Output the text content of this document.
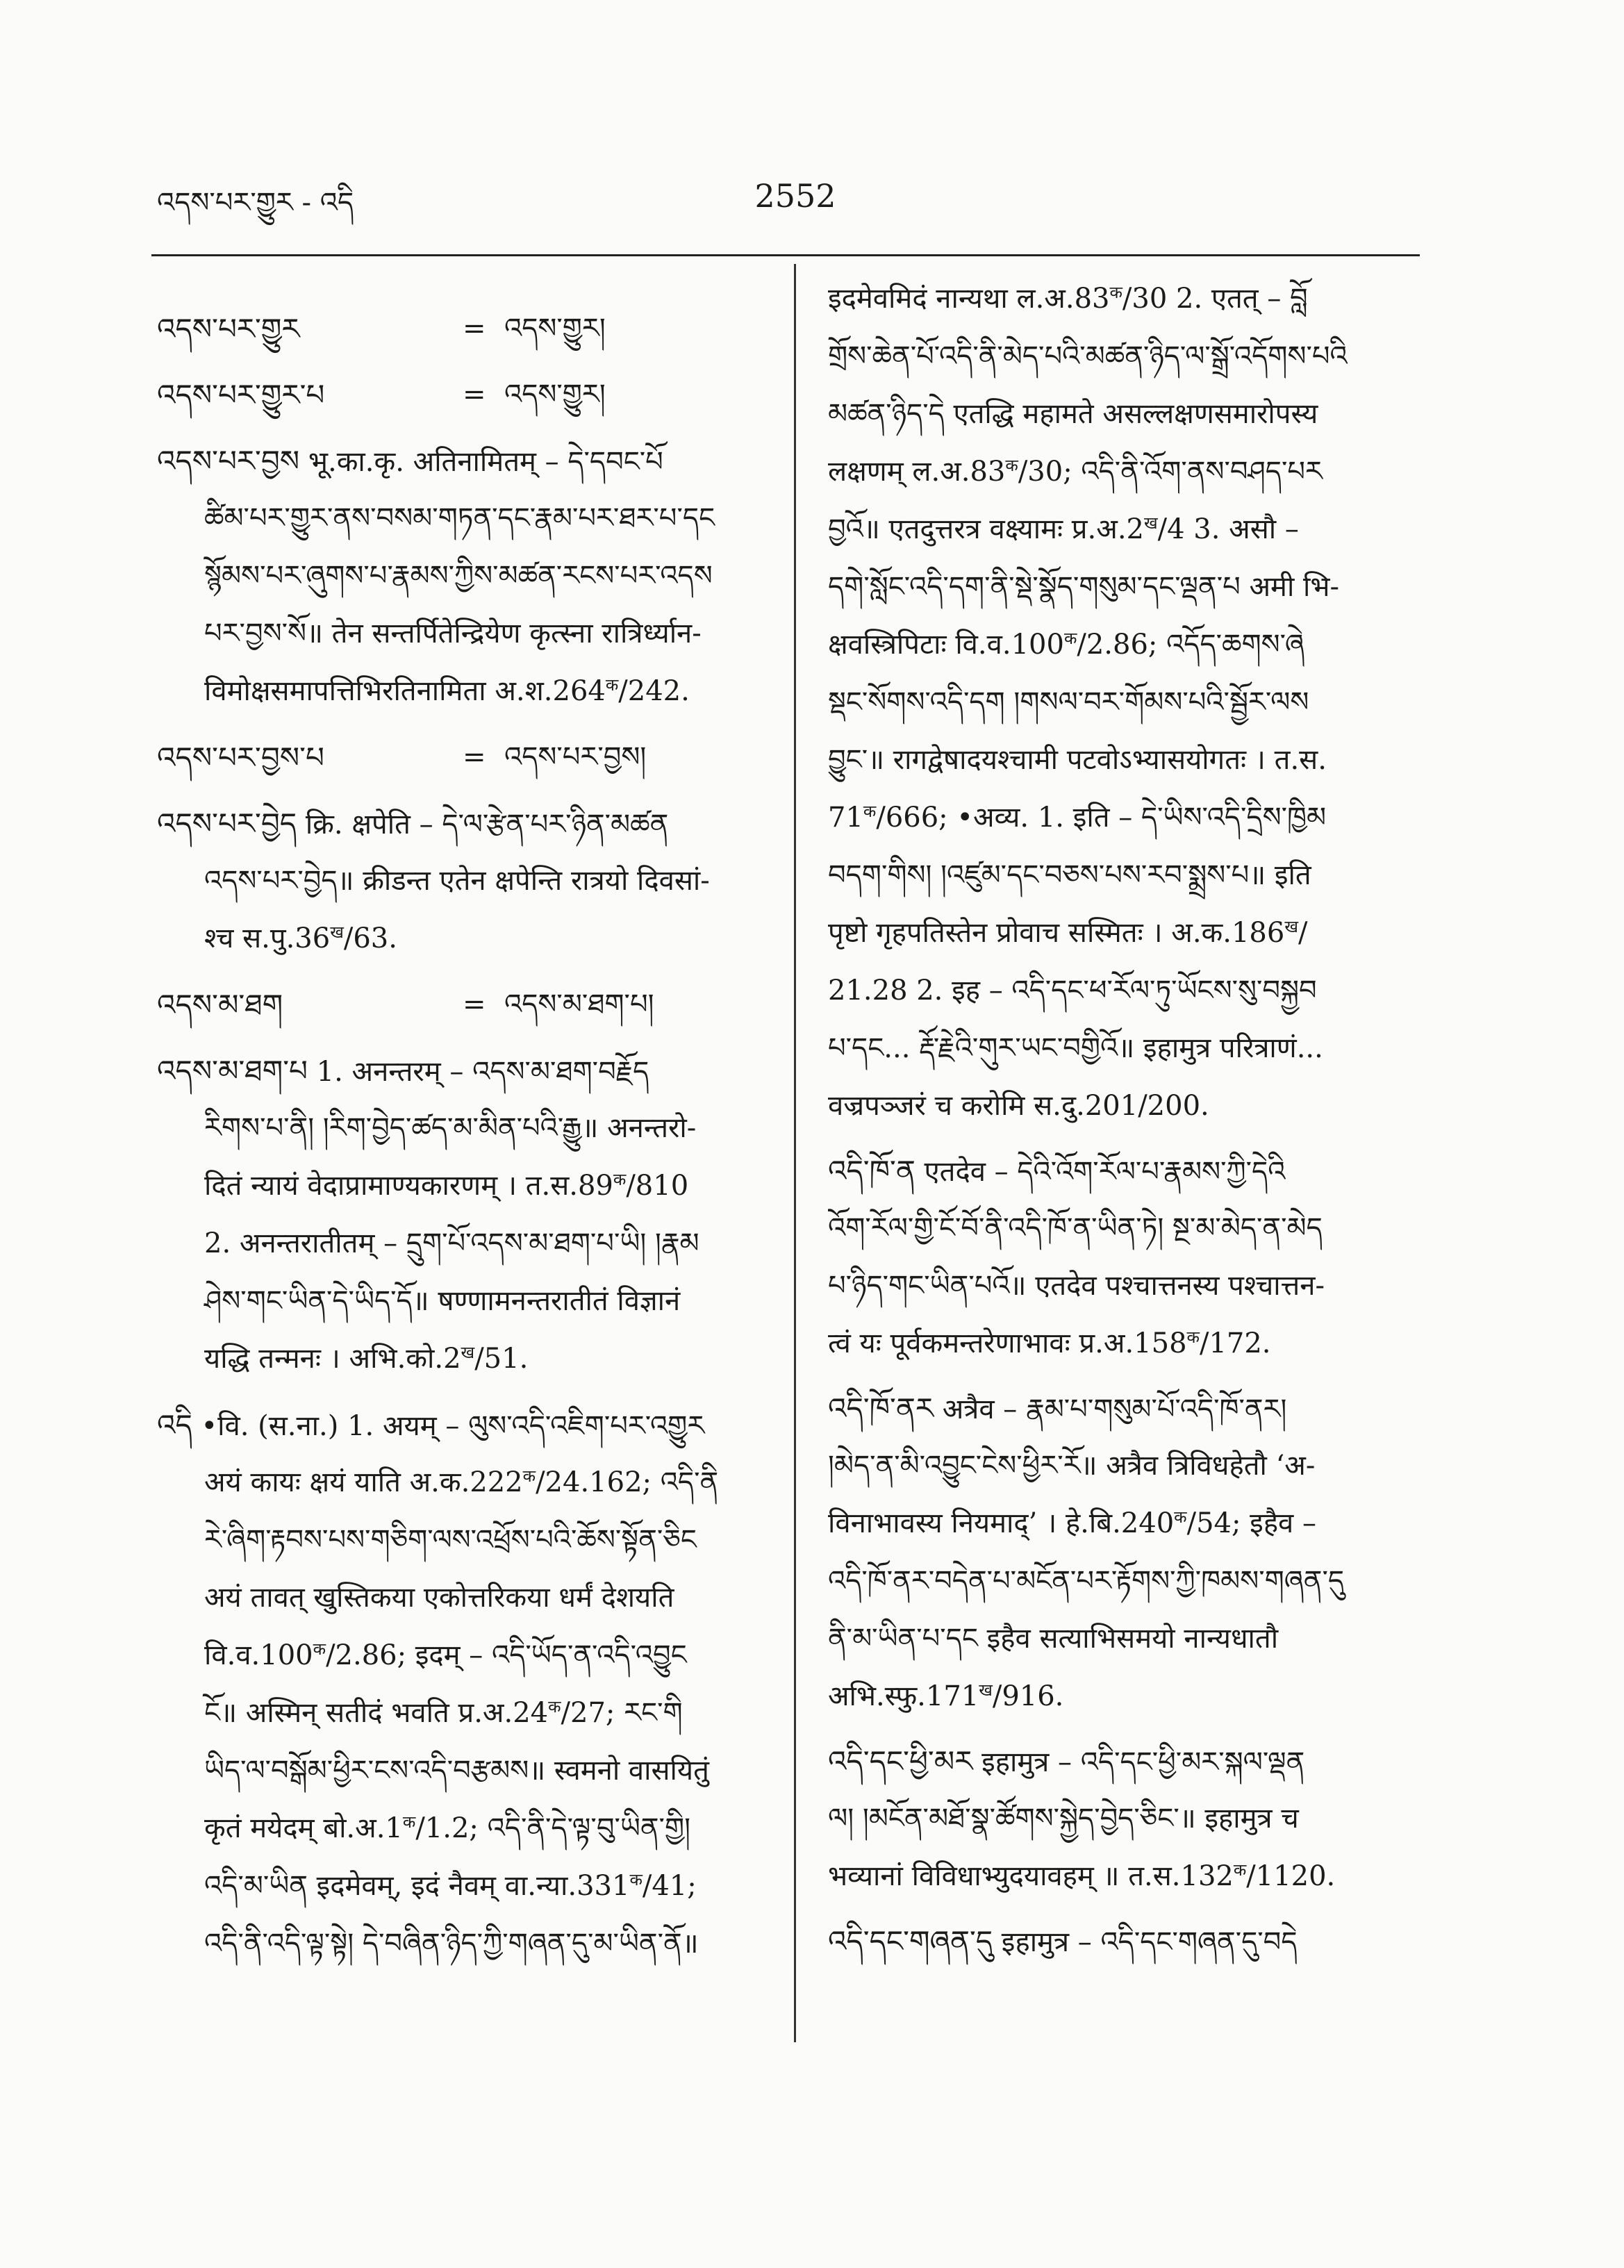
འདས་པར་གྱུར - འདི	2552
འདས་པར་གྱུར	= འདས་གྱུར།
འདས་པར་གྱུར་པ	= འདས་གྱུར།
འདས་པར་བྱས भू.का.कृ. अतिनामितम् – དེ་དབང་པོ
ཚིམ་པར་གྱུར་ནས་བསམ་གཏན་དང་རྣམ་པར་ཐར་པ་དང
སྙོམས་པར་ཞུགས་པ་རྣམས་ཀྱིས་མཚན་རངས་པར་འདས
པར་བྱས་སོ॥ तेन सन्तर्पितेन्द्रियेण कृत्स्ना रात्रिर्ध्यान-
विमोक्षसमापत्तिभिरतिनामिता $अ.श.264^क/242$.
འདས་པར་བྱས་པ	= འདས་པར་བྱས།
འདས་པར་བྱེད क्रि. क्षपेति – དེ་ལ་རྩེན་པར་ཉིན་མཚན
འདས་པར་བྱེད॥ क्रीडन्त एतेन क्षपेन्ति रात्रयो दिवसां-
श्च $स.पु.36^ख/63$.
འདས་མ་ཐག	= འདས་མ་ཐག་པ།
འདས་མ་ཐག་པ 1. अनन्तरम् – འདས་མ་ཐག་བརྗོད
རིགས་པ་ནི། །རིག་བྱེད་ཚད་མ་མིན་པའི་རྒྱུ॥ अनन्तरो-
दितं न्यायं वेदाप्रामाण्यकारणम् । $त.स.89^क/810$
2. अनन्तरातीतम् – དྲུག་པོ་འདས་མ་ཐག་པ་ཡི། །རྣམ
ཤེས་གང་ཡིན་དེ་ཡིད་དོ॥ षण्णामनन्तरातीतं विज्ञानं
यद्धि तन्मनः । $अभि.को.2^ख/51$.
འདི •वि. (स.ना.) 1. अयम् – ལུས་འདི་འཇིག་པར་འགྱུར
अयं कायः क्षयं याति $अ.क.222^क/24.162$; འདི་ནི
རེ་ཞིག་རྟབས་པས་གཅིག་ལས་འཕྲོས་པའི་ཆོས་སྟོན་ཅིང
अयं तावत् खुस्तिकया एकोत्तरिकया धर्मं देशयति
$वि.व.100^क/2.86$; इदम् – འདི་ཡོད་ན་འདི་འབྱུང
ངོ॥ अस्मिन् सतीदं भवति $प्र.अ.24^क/27$; རང་གི
ཡིད་ལ་བསྒོམ་ཕྱིར་ངས་འདི་བརྩམས॥ स्वमनो वासयितुं
कृतं मयेदम् $बो.अ.1^क/1.2$; འདི་ནི་དེ་ལྟ་བུ་ཡིན་གྱི།
འདི་མ་ཡིན इदमेवम्, इदं नैवम् $वा.न्या.331^क/41$;
འདི་ནི་འདི་ལྟ་སྟེ། དེ་བཞིན་ཉིད་ཀྱི་གཞན་དུ་མ་ཡིན་ནོ॥
इदमेवमिदं नान्यथा $ल.अ.83^क/30$ 2. एतत् – བློ
གྲོས་ཆེན་པོ་འདི་ནི་མེད་པའི་མཚན་ཉིད་ལ་སྒྲོ་འདོགས་པའི
མཚན་ཉིད་དེ एतद्धि महामते असल्लक्षणसमारोपस्य
लक्षणम् $ल.अ.83^क/30$; འདི་ནི་འོག་ནས་བཤད་པར
བྱའོ॥ एतदुत्तरत्र वक्ष्यामः $प्र.अ.2^ख/4$ 3. असौ –
དགེ་སློང་འདི་དག་ནི་སྡེ་སྣོད་གསུམ་དང་ལྡན་པ अमी भि-
क्षवस्त्रिपिटाः $वि.व.100^क/2.86$; འདོད་ཆགས་ཞེ
སྡང་སོགས་འདི་དག །གསལ་བར་གོམས་པའི་སྦྱོར་ལས
བྱུང་॥ रागद्वेषादयश्चामी पटवोऽभ्यासयोगतः । त.स.
$71^क/666$; •अव्य. 1. इति – དེ་ཡིས་འདི་དྲིས་ཁྱིམ
བདག་གིས། །འཛུམ་དང་བཅས་པས་རབ་སྨྲས་པ॥ इति
पृष्टो गृहपतिस्तेन प्रोवाच सस्मितः । $अ.क.186^ख/$
21.28 2. इह – འདི་དང་ཕ་རོལ་ཏུ་ཡོངས་སུ་བསྐྱབ
པ་དང... རྡོ་རྗེའི་གུར་ཡང་བགྱིའོ॥ इहामुत्र परित्राणं...
वज्रपञ्जरं च करोमि स.दु.201/200.
འདི་ཁོ་ན एतदेव – དེའི་འོག་རོལ་པ་རྣམས་ཀྱི་དེའི
འོག་རོལ་གྱི་ངོ་བོ་ནི་འདི་ཁོ་ན་ཡིན་ཏེ། སྔ་མ་མེད་ན་མེད
པ་ཉིད་གང་ཡིན་པའོ॥ एतदेव पश्चात्तनस्य पश्चात्तन-
त्वं यः पूर्वकमन्तरेणाभावः $प्र.अ.158^क/172$.
འདི་ཁོ་ནར अत्रैव – རྣམ་པ་གསུམ་པོ་འདི་ཁོ་ནར།
།མེད་ན་མི་འབྱུང་ངེས་ཕྱིར་རོ॥ अत्रैव त्रिविधहेतौ ‘अ-
विनाभावस्य नियमाद्’ । $हे.बि.240^क/54$; इहैव –
འདི་ཁོ་ནར་བདེན་པ་མངོན་པར་རྟོགས་ཀྱི་ཁམས་གཞན་དུ
ནི་མ་ཡིན་པ་དང इहैव सत्याभिसमयो नान्यधातौ
$अभि.स्फु.171^ख/916$.
འདི་དང་ཕྱི་མར इहामुत्र – འདི་དང་ཕྱི་མར་སྐལ་ལྡན
ལ། །མངོན་མཐོ་སྣ་ཚོགས་སྐྱེད་བྱེད་ཅིང་॥ इहामुत्र च
भव्यानां विविधाभ्युदयावहम् ॥ $त.स.132^क/1120$.
འདི་དང་གཞན་དུ इहामुत्र – འདི་དང་གཞན་དུ་བདེ
